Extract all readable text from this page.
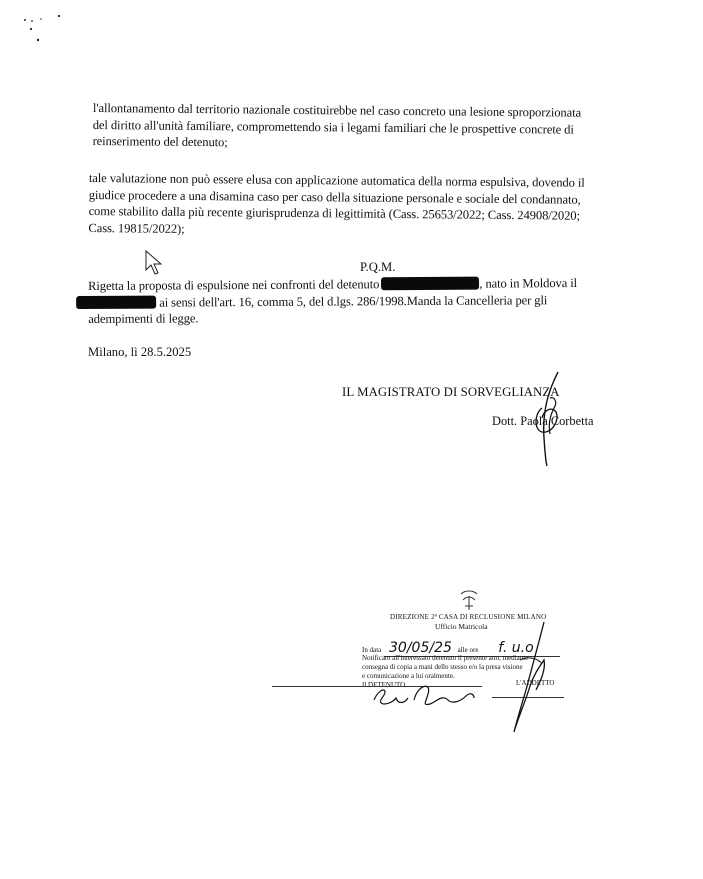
l'allontanamento dal territorio nazionale costituirebbe nel caso concreto una lesione sproporzionata
del diritto all'unità familiare, compromettendo sia i legami familiari che le prospettive concrete di
reinserimento del detenuto;
tale valutazione non può essere elusa con applicazione automatica della norma espulsiva, dovendo il
giudice procedere a una disamina caso per caso della situazione personale e sociale del condannato,
come stabilito dalla più recente giurisprudenza di legittimità (Cass. 25653/2022; Cass. 24908/2020;
Cass. 19815/2022);
P.Q.M.
Rigetta la proposta di espulsione nei confronti del detenuto	, nato in Moldova il
ai sensi dell'art. 16, comma 5, del d.lgs. 286/1998.Manda la Cancelleria per gli
adempimenti di legge.
Milano, lì 28.5.2025
IL MAGISTRATO DI SORVEGLIANZA
Dott. Paola Corbetta
DIREZIONE 2ª CASA DI RECLUSIONE MILANO
Ufficio Matricola
In data 30/05/25 alle ore f. u.o
Notificato all'interessato detenuto il presente atto, mediante
consegna di copia a mani dello stesso e/o la presa visione
e comunicazione a lui oralmente.
Il DETENUTO	L'ADDETTO
